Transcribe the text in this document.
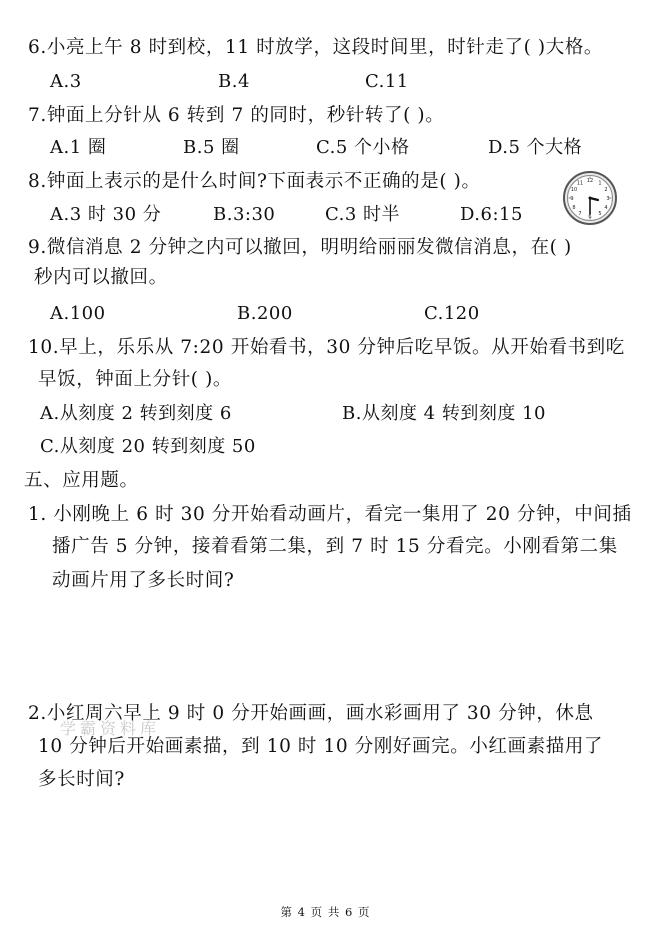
6.小亮上午 8 时到校，11 时放学，这段时间里，时针走了( )大格。
A.3	B.4	C.11
7.钟面上分针从 6 转到 7 的同时，秒针转了( )。
A.1 圈	B.5 圈	C.5 个小格	D.5 个大格
8.钟面上表示的是什么时间?下面表示不正确的是( )。
A.3 时 30 分	B.3:30	C.3 时半	D.6:15
12 1
2
3
4
5
6
7
8
9
10
11
9.微信消息 2 分钟之内可以撤回，明明给丽丽发微信消息，在( )
秒内可以撤回。
A.100	B.200	C.120
10.早上，乐乐从 7:20 开始看书，30 分钟后吃早饭。从开始看书到吃
早饭，钟面上分针( )。
A.从刻度 2 转到刻度 6	B.从刻度 4 转到刻度 10
C.从刻度 20 转到刻度 50
五、应用题。
1. 小刚晚上 6 时 30 分开始看动画片，看完一集用了 20 分钟，中间插
播广告 5 分钟，接着看第二集，到 7 时 15 分看完。小刚看第二集
动画片用了多长时间?
2.小红周六早上 9 时 0 分开始画画，画水彩画用了 30 分钟，休息
10 分钟后开始画素描，到 10 时 10 分刚好画完。小红画素描用了
多长时间?
学霸资料库
第 4 页 共 6 页
